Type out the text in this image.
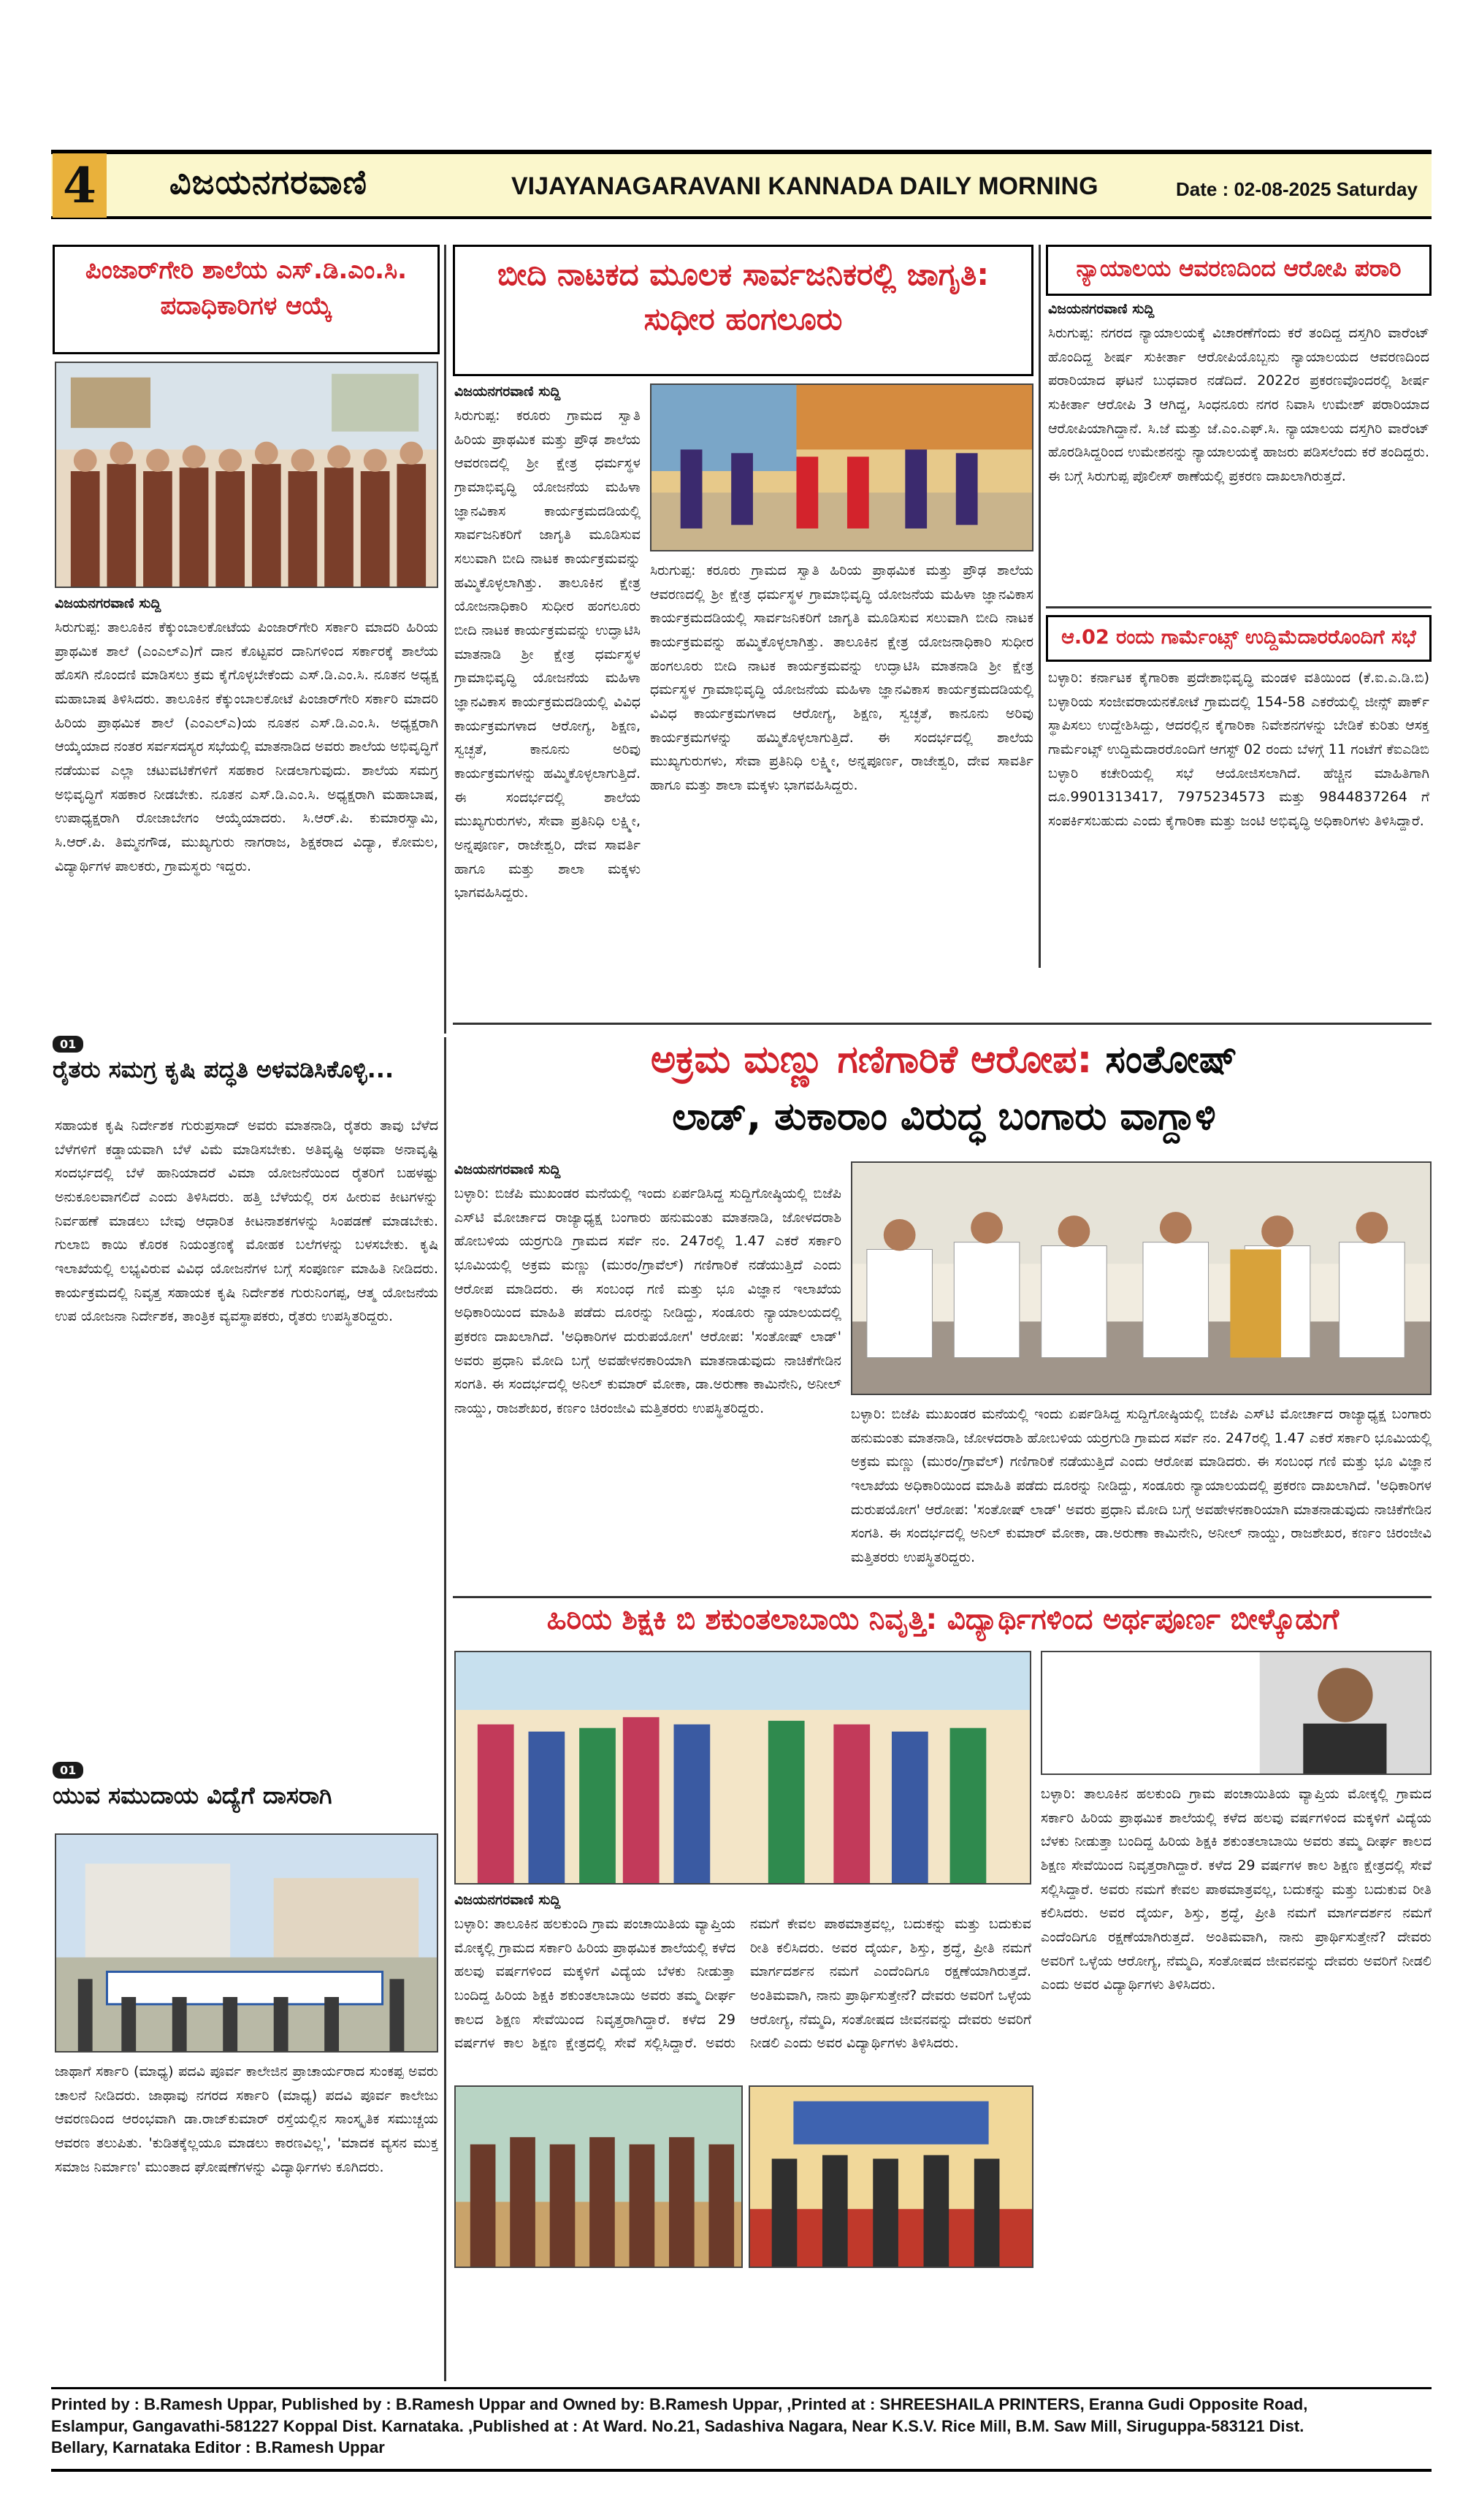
4	ವಿಜಯನಗರವಾಣಿ	VIJAYANAGARAVANI KANNADA DAILY MORNING	Date : 02-08-2025 Saturday
ಪಿಂಜಾರ್‌ಗೇರಿ ಶಾಲೆಯ ಎಸ್‌.ಡಿ.ಎಂ.ಸಿ. ಪದಾಧಿಕಾರಿಗಳ ಆಯ್ಕೆ
ವಿಜಯನಗರವಾಣಿ ಸುದ್ದಿ
ಸಿರುಗುಪ್ಪ: ತಾಲೂಕಿನ ಕೆಕ್ಕುಂಬಾಲಕೋಟೆಯ ಪಿಂಜಾರ್‌ಗೇರಿ ಸರ್ಕಾರಿ ಮಾದರಿ ಹಿರಿಯ ಪ್ರಾಥಮಿಕ ಶಾಲೆ (ಎಂಎಲ್‌ಎ)ಗೆ ದಾನ ಕೊಟ್ಟವರ ದಾನಿಗಳಿಂದ ಸರ್ಕಾರಕ್ಕೆ ಶಾಲೆಯ ಹೊಸಗಿ ನೊಂದಣಿ ಮಾಡಿಸಲು ಕ್ರಮ ಕೈಗೊಳ್ಳಬೇಕೆಂದು ಎಸ್‌.ಡಿ.ಎಂ.ಸಿ. ನೂತನ ಅಧ್ಯಕ್ಷ ಮಹಾಬಾಷ ತಿಳಿಸಿದರು. ತಾಲೂಕಿನ ಕೆಕ್ಕುಂಬಾಲಕೋಟೆ ಪಿಂಜಾರ್‌ಗೇರಿ ಸರ್ಕಾರಿ ಮಾದರಿ ಹಿರಿಯ ಪ್ರಾಥಮಿಕ ಶಾಲೆ (ಎಂಎಲ್‌ಎ)ಯ ನೂತನ ಎಸ್‌.ಡಿ.ಎಂ.ಸಿ. ಅಧ್ಯಕ್ಷರಾಗಿ ಆಯ್ಕೆಯಾದ ನಂತರ ಸರ್ವಸದಸ್ಯರ ಸಭೆಯಲ್ಲಿ ಮಾತನಾಡಿದ ಅವರು ಶಾಲೆಯ ಅಭಿವೃದ್ಧಿಗೆ ನಡೆಯುವ ಎಲ್ಲಾ ಚಟುವಟಿಕೆಗಳಿಗೆ ಸಹಕಾರ ನೀಡಲಾಗುವುದು. ಶಾಲೆಯ ಸಮಗ್ರ ಅಭಿವೃದ್ಧಿಗೆ ಸಹಕಾರ ನೀಡಬೇಕು. ನೂತನ ಎಸ್‌.ಡಿ.ಎಂ.ಸಿ. ಅಧ್ಯಕ್ಷರಾಗಿ ಮಹಾಬಾಷ, ಉಪಾಧ್ಯಕ್ಷರಾಗಿ ರೋಜಾಬೇಗಂ ಆಯ್ಕೆಯಾದರು. ಸಿ.ಆರ್‌.ಪಿ. ಕುಮಾರಸ್ವಾಮಿ, ಸಿ.ಆರ್‌.ಪಿ. ತಿಮ್ಮನಗೌಡ, ಮುಖ್ಯಗುರು ನಾಗರಾಜ, ಶಿಕ್ಷಕರಾದ ವಿದ್ಯಾ, ಕೋಮಲ, ವಿದ್ಯಾರ್ಥಿಗಳ ಪಾಲಕರು, ಗ್ರಾಮಸ್ಥರು ಇದ್ದರು.
01
ರೈತರು ಸಮಗ್ರ ಕೃಷಿ ಪದ್ಧತಿ ಅಳವಡಿಸಿಕೊಳ್ಳಿ...
ಸಹಾಯಕ ಕೃಷಿ ನಿರ್ದೇಶಕ ಗುರುಪ್ರಸಾದ್ ಅವರು ಮಾತನಾಡಿ, ರೈತರು ತಾವು ಬೆಳೆದ ಬೆಳೆಗಳಿಗೆ ಕಡ್ಡಾಯವಾಗಿ ಬೆಳೆ ವಿಮೆ ಮಾಡಿಸಬೇಕು. ಅತಿವೃಷ್ಟಿ ಅಥವಾ ಅನಾವೃಷ್ಟಿ ಸಂದರ್ಭದಲ್ಲಿ ಬೆಳೆ ಹಾನಿಯಾದರೆ ವಿಮಾ ಯೋಜನೆಯಿಂದ ರೈತರಿಗೆ ಬಹಳಷ್ಟು ಅನುಕೂಲವಾಗಲಿದೆ ಎಂದು ತಿಳಿಸಿದರು. ಹತ್ತಿ ಬೆಳೆಯಲ್ಲಿ ರಸ ಹೀರುವ ಕೀಟಗಳನ್ನು ನಿರ್ವಹಣೆ ಮಾಡಲು ಬೇವು ಆಧಾರಿತ ಕೀಟನಾಶಕಗಳನ್ನು ಸಿಂಪಡಣೆ ಮಾಡಬೇಕು. ಗುಲಾಬಿ ಕಾಯಿ ಕೊರಕ ನಿಯಂತ್ರಣಕ್ಕೆ ಮೋಹಕ ಬಲೆಗಳನ್ನು ಬಳಸಬೇಕು. ಕೃಷಿ ಇಲಾಖೆಯಲ್ಲಿ ಲಭ್ಯವಿರುವ ವಿವಿಧ ಯೋಜನೆಗಳ ಬಗ್ಗೆ ಸಂಪೂರ್ಣ ಮಾಹಿತಿ ನೀಡಿದರು. ಕಾರ್ಯಕ್ರಮದಲ್ಲಿ ನಿವೃತ್ತ ಸಹಾಯಕ ಕೃಷಿ ನಿರ್ದೇಶಕ ಗುರುನಿಂಗಪ್ಪ, ಆತ್ಮ ಯೋಜನೆಯ ಉಪ ಯೋಜನಾ ನಿರ್ದೇಶಕ, ತಾಂತ್ರಿಕ ವ್ಯವಸ್ಥಾಪಕರು, ರೈತರು ಉಪಸ್ಥಿತರಿದ್ದರು.
01
ಯುವ ಸಮುದಾಯ ವಿದ್ಯೆಗೆ ದಾಸರಾಗಿ
ಜಾಥಾಗೆ ಸರ್ಕಾರಿ (ಮಾಧ್ಯ) ಪದವಿ ಪೂರ್ವ ಕಾಲೇಜಿನ ಪ್ರಾಚಾರ್ಯರಾದ ಸುಂಕಪ್ಪ ಅವರು ಚಾಲನೆ ನೀಡಿದರು. ಜಾಥಾವು ನಗರದ ಸರ್ಕಾರಿ (ಮಾಧ್ಯ) ಪದವಿ ಪೂರ್ವ ಕಾಲೇಜು ಆವರಣದಿಂದ ಆರಂಭವಾಗಿ ಡಾ.ರಾಜ್‌ಕುಮಾರ್ ರಸ್ತೆಯಲ್ಲಿನ ಸಾಂಸ್ಕೃತಿಕ ಸಮುಚ್ಚಯ ಆವರಣ ತಲುಪಿತು. 'ಕುಡಿತಕ್ಕೆಲ್ಲಯೂ ಮಾಡಲು ಕಾರಣವಿಲ್ಲ', 'ಮಾದಕ ವ್ಯಸನ ಮುಕ್ತ ಸಮಾಜ ನಿರ್ಮಾಣ' ಮುಂತಾದ ಘೋಷಣೆಗಳನ್ನು ವಿದ್ಯಾರ್ಥಿಗಳು ಕೂಗಿದರು.
ಬೀದಿ ನಾಟಕದ ಮೂಲಕ ಸಾರ್ವಜನಿಕರಲ್ಲಿ ಜಾಗೃತಿ: ಸುಧೀರ ಹಂಗಲೂರು
ವಿಜಯನಗರವಾಣಿ ಸುದ್ದಿ
ಸಿರುಗುಪ್ಪ: ಕರೂರು ಗ್ರಾಮದ ಸ್ವಾತಿ ಹಿರಿಯ ಪ್ರಾಥಮಿಕ ಮತ್ತು ಪ್ರೌಢ ಶಾಲೆಯ ಆವರಣದಲ್ಲಿ ಶ್ರೀ ಕ್ಷೇತ್ರ ಧರ್ಮಸ್ಥಳ ಗ್ರಾಮಾಭಿವೃದ್ಧಿ ಯೋಜನೆಯ ಮಹಿಳಾ ಜ್ಞಾನವಿಕಾಸ ಕಾರ್ಯಕ್ರಮದಡಿಯಲ್ಲಿ ಸಾರ್ವಜನಿಕರಿಗೆ ಜಾಗೃತಿ ಮೂಡಿಸುವ ಸಲುವಾಗಿ ಬೀದಿ ನಾಟಕ ಕಾರ್ಯಕ್ರಮವನ್ನು ಹಮ್ಮಿಕೊಳ್ಳಲಾಗಿತ್ತು. ತಾಲೂಕಿನ ಕ್ಷೇತ್ರ ಯೋಜನಾಧಿಕಾರಿ ಸುಧೀರ ಹಂಗಲೂರು ಬೀದಿ ನಾಟಕ ಕಾರ್ಯಕ್ರಮವನ್ನು ಉದ್ಘಾಟಿಸಿ ಮಾತನಾಡಿ ಶ್ರೀ ಕ್ಷೇತ್ರ ಧರ್ಮಸ್ಥಳ ಗ್ರಾಮಾಭಿವೃದ್ಧಿ ಯೋಜನೆಯ ಮಹಿಳಾ ಜ್ಞಾನವಿಕಾಸ ಕಾರ್ಯಕ್ರಮದಡಿಯಲ್ಲಿ ವಿವಿಧ ಕಾರ್ಯಕ್ರಮಗಳಾದ ಆರೋಗ್ಯ, ಶಿಕ್ಷಣ, ಸ್ವಚ್ಛತೆ, ಕಾನೂನು ಅರಿವು ಕಾರ್ಯಕ್ರಮಗಳನ್ನು ಹಮ್ಮಿಕೊಳ್ಳಲಾಗುತ್ತಿದೆ. ಈ ಸಂದರ್ಭದಲ್ಲಿ ಶಾಲೆಯ ಮುಖ್ಯಗುರುಗಳು, ಸೇವಾ ಪ್ರತಿನಿಧಿ ಲಕ್ಷ್ಮೀ, ಅನ್ನಪೂರ್ಣ, ರಾಜೇಶ್ವರಿ, ದೇವ ಸಾವರ್ತಿ ಹಾಗೂ ಮತ್ತು ಶಾಲಾ ಮಕ್ಕಳು ಭಾಗವಹಿಸಿದ್ದರು.
ಸಿರುಗುಪ್ಪ: ಕರೂರು ಗ್ರಾಮದ ಸ್ವಾತಿ ಹಿರಿಯ ಪ್ರಾಥಮಿಕ ಮತ್ತು ಪ್ರೌಢ ಶಾಲೆಯ ಆವರಣದಲ್ಲಿ ಶ್ರೀ ಕ್ಷೇತ್ರ ಧರ್ಮಸ್ಥಳ ಗ್ರಾಮಾಭಿವೃದ್ಧಿ ಯೋಜನೆಯ ಮಹಿಳಾ ಜ್ಞಾನವಿಕಾಸ ಕಾರ್ಯಕ್ರಮದಡಿಯಲ್ಲಿ ಸಾರ್ವಜನಿಕರಿಗೆ ಜಾಗೃತಿ ಮೂಡಿಸುವ ಸಲುವಾಗಿ ಬೀದಿ ನಾಟಕ ಕಾರ್ಯಕ್ರಮವನ್ನು ಹಮ್ಮಿಕೊಳ್ಳಲಾಗಿತ್ತು. ತಾಲೂಕಿನ ಕ್ಷೇತ್ರ ಯೋಜನಾಧಿಕಾರಿ ಸುಧೀರ ಹಂಗಲೂರು ಬೀದಿ ನಾಟಕ ಕಾರ್ಯಕ್ರಮವನ್ನು ಉದ್ಘಾಟಿಸಿ ಮಾತನಾಡಿ ಶ್ರೀ ಕ್ಷೇತ್ರ ಧರ್ಮಸ್ಥಳ ಗ್ರಾಮಾಭಿವೃದ್ಧಿ ಯೋಜನೆಯ ಮಹಿಳಾ ಜ್ಞಾನವಿಕಾಸ ಕಾರ್ಯಕ್ರಮದಡಿಯಲ್ಲಿ ವಿವಿಧ ಕಾರ್ಯಕ್ರಮಗಳಾದ ಆರೋಗ್ಯ, ಶಿಕ್ಷಣ, ಸ್ವಚ್ಛತೆ, ಕಾನೂನು ಅರಿವು ಕಾರ್ಯಕ್ರಮಗಳನ್ನು ಹಮ್ಮಿಕೊಳ್ಳಲಾಗುತ್ತಿದೆ. ಈ ಸಂದರ್ಭದಲ್ಲಿ ಶಾಲೆಯ ಮುಖ್ಯಗುರುಗಳು, ಸೇವಾ ಪ್ರತಿನಿಧಿ ಲಕ್ಷ್ಮೀ, ಅನ್ನಪೂರ್ಣ, ರಾಜೇಶ್ವರಿ, ದೇವ ಸಾವರ್ತಿ ಹಾಗೂ ಮತ್ತು ಶಾಲಾ ಮಕ್ಕಳು ಭಾಗವಹಿಸಿದ್ದರು.
ನ್ಯಾಯಾಲಯ ಆವರಣದಿಂದ ಆರೋಪಿ ಪರಾರಿ
ವಿಜಯನಗರವಾಣಿ ಸುದ್ದಿ
ಸಿರುಗುಪ್ಪ: ನಗರದ ನ್ಯಾಯಾಲಯಕ್ಕೆ ವಿಚಾರಣೆಗೆಂದು ಕರೆ ತಂದಿದ್ದ ದಸ್ತಗಿರಿ ವಾರೆಂಟ್ ಹೊಂದಿದ್ದ ಶೀರ್ಷ ಸುಕೀರ್ತಾ ಆರೋಪಿಯೊಬ್ಬನು ನ್ಯಾಯಾಲಯದ ಆವರಣದಿಂದ ಪರಾರಿಯಾದ ಘಟನೆ ಬುಧವಾರ ನಡೆದಿದೆ. 2022ರ ಪ್ರಕರಣವೊಂದರಲ್ಲಿ ಶೀರ್ಷ ಸುಕೀರ್ತಾ ಆರೋಪಿ 3 ಆಗಿದ್ದ, ಸಿಂಧನೂರು ನಗರ ನಿವಾಸಿ ಉಮೇಶ್ ಪರಾರಿಯಾದ ಆರೋಪಿಯಾಗಿದ್ದಾನೆ. ಸಿ.ಜೆ ಮತ್ತು ಜೆ.ಎಂ.ಎಫ್‌.ಸಿ. ನ್ಯಾಯಾಲಯ ದಸ್ತಗಿರಿ ವಾರೆಂಟ್ ಹೊರಡಿಸಿದ್ದರಿಂದ ಉಮೇಶನನ್ನು ನ್ಯಾಯಾಲಯಕ್ಕೆ ಹಾಜರು ಪಡಿಸಲೆಂದು ಕರೆ ತಂದಿದ್ದರು. ಈ ಬಗ್ಗೆ ಸಿರುಗುಪ್ಪ ಪೊಲೀಸ್ ಠಾಣೆಯಲ್ಲಿ ಪ್ರಕರಣ ದಾಖಲಾಗಿರುತ್ತದೆ.
ಆ.02 ರಂದು ಗಾರ್ಮೆಂಟ್ಸ್ ಉದ್ದಿಮೆದಾರರೊಂದಿಗೆ ಸಭೆ
ಬಳ್ಳಾರಿ: ಕರ್ನಾಟಕ ಕೈಗಾರಿಕಾ ಪ್ರದೇಶಾಭಿವೃದ್ಧಿ ಮಂಡಳಿ ವತಿಯಿಂದ (ಕೆ.ಐ.ಎ.ಡಿ.ಬಿ) ಬಳ್ಳಾರಿಯ ಸಂಜೀವರಾಯನಕೋಟೆ ಗ್ರಾಮದಲ್ಲಿ 154-58 ಎಕರೆಯಲ್ಲಿ ಜೀನ್ಸ್ ಪಾರ್ಕ್ ಸ್ಥಾಪಿಸಲು ಉದ್ದೇಶಿಸಿದ್ದು, ಆದರಲ್ಲಿನ ಕೈಗಾರಿಕಾ ನಿವೇಶನಗಳನ್ನು ಬೇಡಿಕೆ ಕುರಿತು ಆಸಕ್ತ ಗಾರ್ಮೆಂಟ್ಸ್ ಉದ್ದಿಮೆದಾರರೊಂದಿಗೆ ಆಗಸ್ಟ್ 02 ರಂದು ಬೆಳಗ್ಗೆ 11 ಗಂಟೆಗೆ ಕೆಐಎಡಿಬಿ ಬಳ್ಳಾರಿ ಕಚೇರಿಯಲ್ಲಿ ಸಭೆ ಆಯೋಜಿಸಲಾಗಿದೆ. ಹೆಚ್ಚಿನ ಮಾಹಿತಿಗಾಗಿ ದೂ.9901313417, 7975234573 ಮತ್ತು 9844837264 ಗೆ ಸಂಪರ್ಕಿಸಬಹುದು ಎಂದು ಕೈಗಾರಿಕಾ ಮತ್ತು ಜಂಟಿ ಅಭಿವೃದ್ಧಿ ಅಧಿಕಾರಿಗಳು ತಿಳಿಸಿದ್ದಾರೆ.
ಅಕ್ರಮ ಮಣ್ಣು ಗಣಿಗಾರಿಕೆ ಆರೋಪ: ಸಂತೋಷ್
ಲಾಡ್, ತುಕಾರಾಂ ವಿರುದ್ಧ ಬಂಗಾರು ವಾಗ್ದಾಳಿ
ವಿಜಯನಗರವಾಣಿ ಸುದ್ದಿ
ಬಳ್ಳಾರಿ: ಬಿಜೆಪಿ ಮುಖಂಡರ ಮನೆಯಲ್ಲಿ ಇಂದು ಏರ್ಪಡಿಸಿದ್ದ ಸುದ್ದಿಗೋಷ್ಠಿಯಲ್ಲಿ ಬಿಜೆಪಿ ಎಸ್‌ಟಿ ಮೋರ್ಚಾದ ರಾಜ್ಯಾಧ್ಯಕ್ಷ ಬಂಗಾರು ಹನುಮಂತು ಮಾತನಾಡಿ, ಜೋಳದರಾಶಿ ಹೋಬಳಿಯ ಯರ್ರಗುಡಿ ಗ್ರಾಮದ ಸರ್ವೆ ನಂ. 247ರಲ್ಲಿ 1.47 ಎಕರೆ ಸರ್ಕಾರಿ ಭೂಮಿಯಲ್ಲಿ ಅಕ್ರಮ ಮಣ್ಣು (ಮುರಂ/ಗ್ರಾವೆಲ್) ಗಣಿಗಾರಿಕೆ ನಡೆಯುತ್ತಿದೆ ಎಂದು ಆರೋಪ ಮಾಡಿದರು. ಈ ಸಂಬಂಧ ಗಣಿ ಮತ್ತು ಭೂ ವಿಜ್ಞಾನ ಇಲಾಖೆಯ ಅಧಿಕಾರಿಯಿಂದ ಮಾಹಿತಿ ಪಡೆದು ದೂರನ್ನು ನೀಡಿದ್ದು, ಸಂಡೂರು ನ್ಯಾಯಾಲಯದಲ್ಲಿ ಪ್ರಕರಣ ದಾಖಲಾಗಿದೆ. 'ಅಧಿಕಾರಿಗಳ ದುರುಪಯೋಗ' ಆರೋಪ: 'ಸಂತೋಷ್ ಲಾಡ್' ಅವರು ಪ್ರಧಾನಿ ಮೋದಿ ಬಗ್ಗೆ ಅವಹೇಳನಕಾರಿಯಾಗಿ ಮಾತನಾಡುವುದು ನಾಚಿಕೆಗೇಡಿನ ಸಂಗತಿ. ಈ ಸಂದರ್ಭದಲ್ಲಿ ಅನಿಲ್ ಕುಮಾರ್ ಮೋಕಾ, ಡಾ.ಅರುಣಾ ಕಾಮಿನೇನಿ, ಅನೀಲ್ ನಾಯ್ಡು, ರಾಜಶೇಖರ, ಕರ್ಣಂ ಚಿರಂಜೀವಿ ಮತ್ತಿತರರು ಉಪಸ್ಥಿತರಿದ್ದರು.	ಬಳ್ಳಾರಿ: ಬಿಜೆಪಿ ಮುಖಂಡರ ಮನೆಯಲ್ಲಿ ಇಂದು ಏರ್ಪಡಿಸಿದ್ದ ಸುದ್ದಿಗೋಷ್ಠಿಯಲ್ಲಿ ಬಿಜೆಪಿ ಎಸ್‌ಟಿ ಮೋರ್ಚಾದ ರಾಜ್ಯಾಧ್ಯಕ್ಷ ಬಂಗಾರು ಹನುಮಂತು ಮಾತನಾಡಿ, ಜೋಳದರಾಶಿ ಹೋಬಳಿಯ ಯರ್ರಗುಡಿ ಗ್ರಾಮದ ಸರ್ವೆ ನಂ. 247ರಲ್ಲಿ 1.47 ಎಕರೆ ಸರ್ಕಾರಿ ಭೂಮಿಯಲ್ಲಿ ಅಕ್ರಮ ಮಣ್ಣು (ಮುರಂ/ಗ್ರಾವೆಲ್) ಗಣಿಗಾರಿಕೆ ನಡೆಯುತ್ತಿದೆ ಎಂದು ಆರೋಪ ಮಾಡಿದರು. ಈ ಸಂಬಂಧ ಗಣಿ ಮತ್ತು ಭೂ ವಿಜ್ಞಾನ ಇಲಾಖೆಯ ಅಧಿಕಾರಿಯಿಂದ ಮಾಹಿತಿ ಪಡೆದು ದೂರನ್ನು ನೀಡಿದ್ದು, ಸಂಡೂರು ನ್ಯಾಯಾಲಯದಲ್ಲಿ ಪ್ರಕರಣ ದಾಖಲಾಗಿದೆ. 'ಅಧಿಕಾರಿಗಳ ದುರುಪಯೋಗ' ಆರೋಪ: 'ಸಂತೋಷ್ ಲಾಡ್' ಅವರು ಪ್ರಧಾನಿ ಮೋದಿ ಬಗ್ಗೆ ಅವಹೇಳನಕಾರಿಯಾಗಿ ಮಾತನಾಡುವುದು ನಾಚಿಕೆಗೇಡಿನ ಸಂಗತಿ. ಈ ಸಂದರ್ಭದಲ್ಲಿ ಅನಿಲ್ ಕುಮಾರ್ ಮೋಕಾ, ಡಾ.ಅರುಣಾ ಕಾಮಿನೇನಿ, ಅನೀಲ್ ನಾಯ್ಡು, ರಾಜಶೇಖರ, ಕರ್ಣಂ ಚಿರಂಜೀವಿ ಮತ್ತಿತರರು ಉಪಸ್ಥಿತರಿದ್ದರು.
ಹಿರಿಯ ಶಿಕ್ಷಕಿ ಬಿ ಶಕುಂತಲಾಬಾಯಿ ನಿವೃತ್ತಿ: ವಿದ್ಯಾರ್ಥಿಗಳಿಂದ ಅರ್ಥಪೂರ್ಣ ಬೀಳ್ಕೊಡುಗೆ
ವಿಜಯನಗರವಾಣಿ ಸುದ್ದಿ
ಬಳ್ಳಾರಿ: ತಾಲೂಕಿನ ಹಲಕುಂದಿ ಗ್ರಾಮ ಪಂಚಾಯಿತಿಯ ವ್ಯಾಪ್ತಿಯ ಮೋಕ್ಕಲ್ಲಿ ಗ್ರಾಮದ ಸರ್ಕಾರಿ ಹಿರಿಯ ಪ್ರಾಥಮಿಕ ಶಾಲೆಯಲ್ಲಿ ಕಳೆದ ಹಲವು ವರ್ಷಗಳಿಂದ ಮಕ್ಕಳಿಗೆ ವಿದ್ಯೆಯ ಬೆಳಕು ನೀಡುತ್ತಾ ಬಂದಿದ್ದ ಹಿರಿಯ ಶಿಕ್ಷಕಿ ಶಕುಂತಲಾಬಾಯಿ ಅವರು ತಮ್ಮ ದೀರ್ಘ ಕಾಲದ ಶಿಕ್ಷಣ ಸೇವೆಯಿಂದ ನಿವೃತ್ತರಾಗಿದ್ದಾರೆ. ಕಳೆದ 29 ವರ್ಷಗಳ ಕಾಲ ಶಿಕ್ಷಣ ಕ್ಷೇತ್ರದಲ್ಲಿ ಸೇವೆ ಸಲ್ಲಿಸಿದ್ದಾರೆ. ಅವರು ನಮಗೆ ಕೇವಲ ಪಾಠಮಾತ್ರವಲ್ಲ, ಬದುಕನ್ನು ಮತ್ತು ಬದುಕುವ ರೀತಿ ಕಲಿಸಿದರು. ಅವರ ದೈರ್ಯ, ಶಿಸ್ತು, ಶ್ರದ್ಧೆ, ಪ್ರೀತಿ ನಮಗೆ ಮಾರ್ಗದರ್ಶನ ನಮಗೆ ಎಂದೆಂದಿಗೂ ರಕ್ಷಣೆಯಾಗಿರುತ್ತದೆ. ಅಂತಿಮವಾಗಿ, ನಾನು ಪ್ರಾರ್ಥಿಸುತ್ತೇನೆ? ದೇವರು ಅವರಿಗೆ ಒಳ್ಳೆಯ ಆರೋಗ್ಯ, ನೆಮ್ಮದಿ, ಸಂತೋಷದ ಜೀವನವನ್ನು ದೇವರು ಅವರಿಗೆ ನೀಡಲಿ ಎಂದು ಅವರ ವಿದ್ಯಾರ್ಥಿಗಳು ತಿಳಿಸಿದರು.
ಬಳ್ಳಾರಿ: ತಾಲೂಕಿನ ಹಲಕುಂದಿ ಗ್ರಾಮ ಪಂಚಾಯಿತಿಯ ವ್ಯಾಪ್ತಿಯ ಮೋಕ್ಕಲ್ಲಿ ಗ್ರಾಮದ ಸರ್ಕಾರಿ ಹಿರಿಯ ಪ್ರಾಥಮಿಕ ಶಾಲೆಯಲ್ಲಿ ಕಳೆದ ಹಲವು ವರ್ಷಗಳಿಂದ ಮಕ್ಕಳಿಗೆ ವಿದ್ಯೆಯ ಬೆಳಕು ನೀಡುತ್ತಾ ಬಂದಿದ್ದ ಹಿರಿಯ ಶಿಕ್ಷಕಿ ಶಕುಂತಲಾಬಾಯಿ ಅವರು ತಮ್ಮ ದೀರ್ಘ ಕಾಲದ ಶಿಕ್ಷಣ ಸೇವೆಯಿಂದ ನಿವೃತ್ತರಾಗಿದ್ದಾರೆ. ಕಳೆದ 29 ವರ್ಷಗಳ ಕಾಲ ಶಿಕ್ಷಣ ಕ್ಷೇತ್ರದಲ್ಲಿ ಸೇವೆ ಸಲ್ಲಿಸಿದ್ದಾರೆ. ಅವರು ನಮಗೆ ಕೇವಲ ಪಾಠಮಾತ್ರವಲ್ಲ, ಬದುಕನ್ನು ಮತ್ತು ಬದುಕುವ ರೀತಿ ಕಲಿಸಿದರು. ಅವರ ದೈರ್ಯ, ಶಿಸ್ತು, ಶ್ರದ್ಧೆ, ಪ್ರೀತಿ ನಮಗೆ ಮಾರ್ಗದರ್ಶನ ನಮಗೆ ಎಂದೆಂದಿಗೂ ರಕ್ಷಣೆಯಾಗಿರುತ್ತದೆ. ಅಂತಿಮವಾಗಿ, ನಾನು ಪ್ರಾರ್ಥಿಸುತ್ತೇನೆ? ದೇವರು ಅವರಿಗೆ ಒಳ್ಳೆಯ ಆರೋಗ್ಯ, ನೆಮ್ಮದಿ, ಸಂತೋಷದ ಜೀವನವನ್ನು ದೇವರು ಅವರಿಗೆ ನೀಡಲಿ ಎಂದು ಅವರ ವಿದ್ಯಾರ್ಥಿಗಳು ತಿಳಿಸಿದರು.
Printed by : B.Ramesh Uppar, Published by : B.Ramesh Uppar and Owned by: B.Ramesh Uppar, ,Printed at : SHREESHAILA PRINTERS, Eranna Gudi Opposite Road,
Eslampur, Gangavathi-581227 Koppal Dist. Karnataka. ,Published at : At Ward. No.21, Sadashiva Nagara, Near K.S.V. Rice Mill, B.M. Saw Mill, Siruguppa-583121 Dist.
Bellary, Karnataka Editor : B.Ramesh Uppar
